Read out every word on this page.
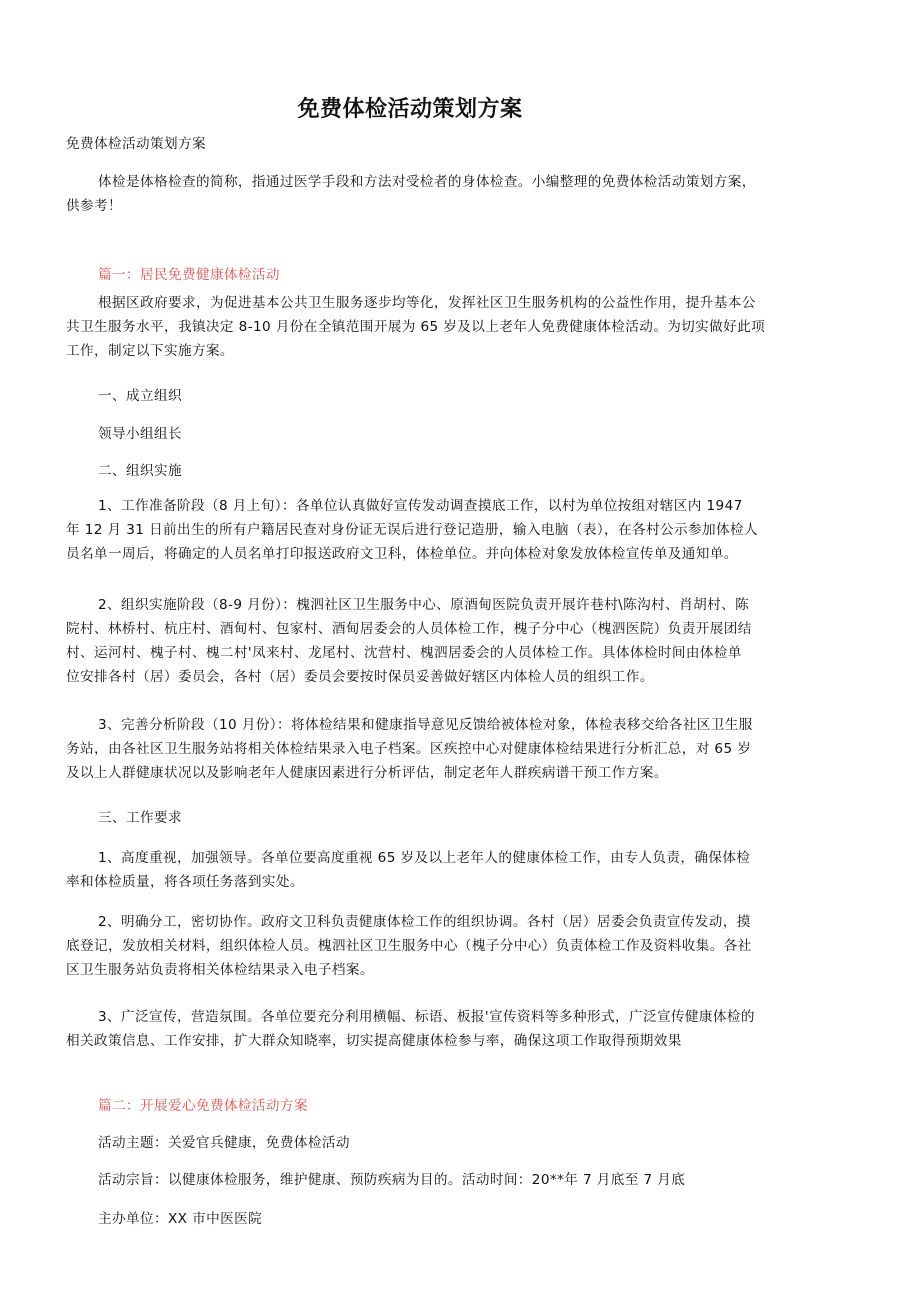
免费体检活动策划方案
免费体检活动策划方案
体检是体格检查的简称，指通过医学手段和方法对受检者的身体检查。小编整理的免费体检活动策划方案，
供参考！
篇一：居民免费健康体检活动
根据区政府要求，为促进基本公共卫生服务逐步均等化，发挥社区卫生服务机构的公益性作用，提升基本公
共卫生服务水平，我镇决定 8-10 月份在全镇范围开展为 65 岁及以上老年人免费健康体检活动。为切实做好此项
工作，制定以下实施方案。
一、成立组织
领导小组组长
二、组织实施
1、工作准备阶段（8 月上旬）：各单位认真做好宣传发动调查摸底工作，以村为单位按组对辖区内 1947
年 12 月 31 日前出生的所有户籍居民查对身份证无误后进行登记造册，输入电脑（表），在各村公示参加体检人
员名单一周后，将确定的人员名单打印报送政府文卫科，体检单位。并向体检对象发放体检宣传单及通知单。
2、组织实施阶段（8-9 月份）：槐泗社区卫生服务中心、原酒甸医院负责开展许巷村\陈沟村、肖胡村、陈
院村、林桥村、杭庄村、酒甸村、包家村、酒甸居委会的人员体检工作，槐子分中心（槐泗医院）负责开展团结
村、运河村、槐子村、槐二村'凤来村、龙尾村、沈营村、槐泗居委会的人员体检工作。具体体检时间由体检单
位安排各村（居）委员会，各村（居）委员会要按时保员妥善做好辖区内体检人员的组织工作。
3、完善分析阶段（10 月份）：将体检结果和健康指导意见反馈给被体检对象，体检表移交给各社区卫生服
务站，由各社区卫生服务站将相关体检结果录入电子档案。区疾控中心对健康体检结果进行分析汇总，对 65 岁
及以上人群健康状况以及影响老年人健康因素进行分析评估，制定老年人群疾病谱干预工作方案。
三、工作要求
1、高度重视，加强领导。各单位要高度重视 65 岁及以上老年人的健康体检工作，由专人负责，确保体检
率和体检质量，将各项任务落到实处。
2、明确分工，密切协作。政府文卫科负责健康体检工作的组织协调。各村（居）居委会负责宣传发动，摸
底登记，发放相关材料，组织体检人员。槐泗社区卫生服务中心（槐子分中心）负责体检工作及资料收集。各社
区卫生服务站负责将相关体检结果录入电子档案。
3、广泛宣传，营造氛围。各单位要充分利用横幅、标语、板报'宣传资料等多种形式，广泛宣传健康体检的
相关政策信息、工作安排，扩大群众知晓率，切实提高健康体检参与率，确保这项工作取得预期效果
篇二：开展爱心免费体检活动方案
活动主题：关爱官兵健康，免费体检活动
活动宗旨：以健康体检服务，维护健康、预防疾病为目的。活动时间：20**年 7 月底至 7 月底
主办单位：XX 市中医医院
